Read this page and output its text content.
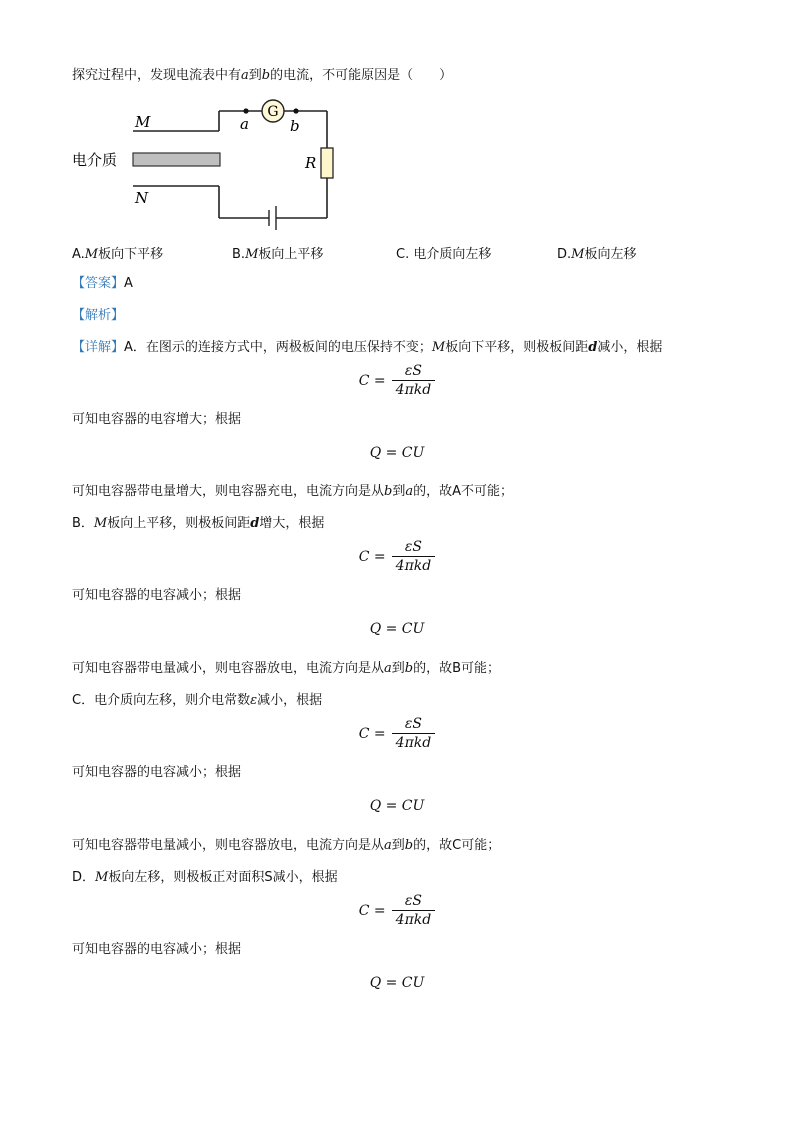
探究过程中，发现电流表中有a到b的电流，不可能原因是（　　）
G
M
N
a	b
R
电介质
A.M板向下平移	B.M板向上平移	C. 电介质向左移	D.M板向左移
【答案】A
【解析】
【详解】A．在图示的连接方式中，两极板间的电压保持不变；M板向下平移，则极板间距d减小，根据
$C = \frac{\varepsilon S}{\text{4πkd}}$
可知电容器的电容增大；根据
Q = CU
可知电容器带电量增大，则电容器充电，电流方向是从b到a的，故A不可能；
B．M板向上平移，则极板间距d增大，根据
$C = \frac{\varepsilon S}{\text{4πkd}}$
可知电容器的电容减小；根据
Q = CU
可知电容器带电量减小，则电容器放电，电流方向是从a到b的，故B可能；
C．电介质向左移，则介电常数ε减小，根据
$C = \frac{\varepsilon S}{\text{4πkd}}$
可知电容器的电容减小；根据
Q = CU
可知电容器带电量减小，则电容器放电，电流方向是从a到b的，故C可能；
D．M板向左移，则极板正对面积S减小，根据
$C = \frac{\varepsilon S}{\text{4πkd}}$
可知电容器的电容减小；根据
Q = CU
